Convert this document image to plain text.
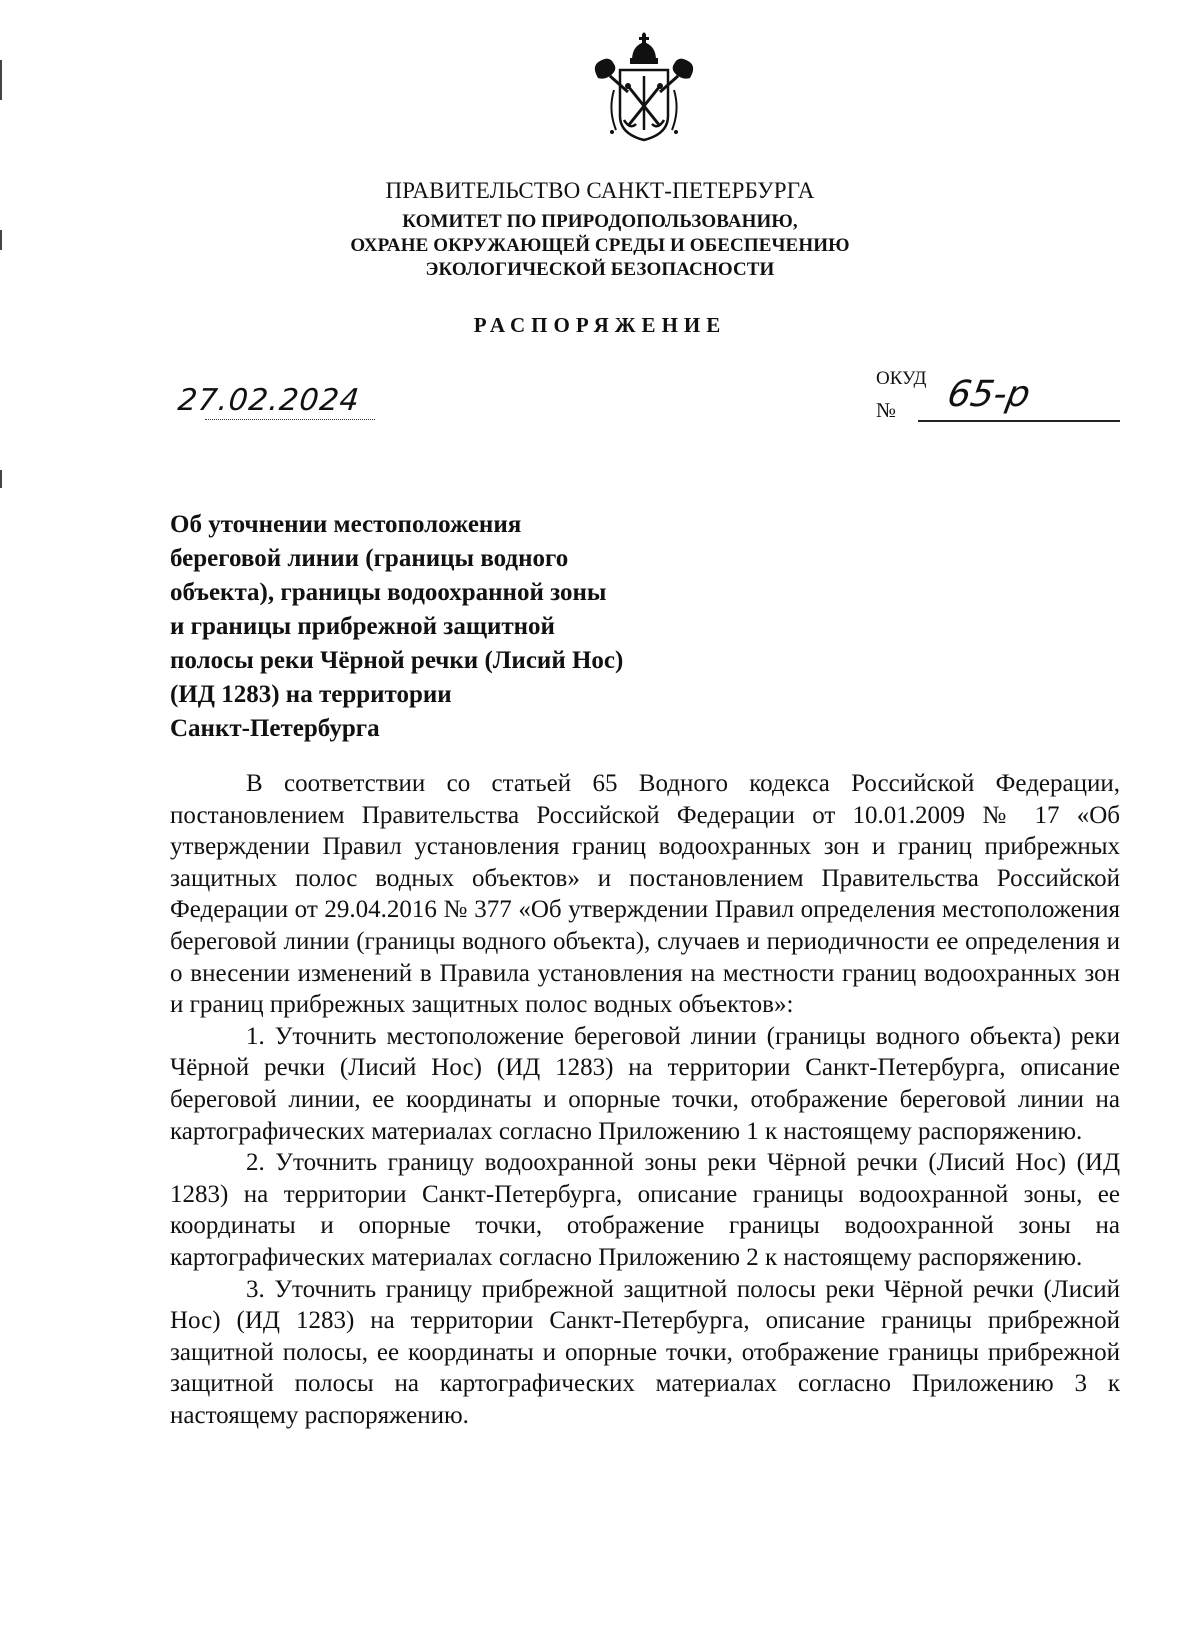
ПРАВИТЕЛЬСТВО САНКТ-ПЕТЕРБУРГА
КОМИТЕТ ПО ПРИРОДОПОЛЬЗОВАНИЮ,
ОХРАНЕ ОКРУЖАЮЩЕЙ СРЕДЫ И ОБЕСПЕЧЕНИЮ
ЭКОЛОГИЧЕСКОЙ БЕЗОПАСНОСТИ
РАСПОРЯЖЕНИЕ
27.02.2024
ОКУД
№ 65-р
Об уточнении местоположения
береговой линии (границы водного
объекта), границы водоохранной зоны
и границы прибрежной защитной
полосы реки Чёрной речки (Лисий Нос)
(ИД 1283) на территории
Санкт-Петербурга

В соответствии со статьей 65 Водного кодекса Российской Федерации, постановлением Правительства Российской Федерации от 10.01.2009 № 17 «Об утверждении Правил установления границ водоохранных зон и границ прибрежных защитных полос водных объектов» и постановлением Правительства Российской Федерации от 29.04.2016 № 377 «Об утверждении Правил определения местоположения береговой линии (границы водного объекта), случаев и периодичности ее определения и о внесении изменений в Правила установления на местности границ водоохранных зон и границ прибрежных защитных полос водных объектов»:

1. Уточнить местоположение береговой линии (границы водного объекта) реки Чёрной речки (Лисий Нос) (ИД 1283) на территории Санкт-Петербурга, описание береговой линии, ее координаты и опорные точки, отображение береговой линии на картографических материалах согласно Приложению 1 к настоящему распоряжению.

2. Уточнить границу водоохранной зоны реки Чёрной речки (Лисий Нос) (ИД 1283) на территории Санкт-Петербурга, описание границы водоохранной зоны, ее координаты и опорные точки, отображение границы водоохранной зоны на картографических материалах согласно Приложению 2 к настоящему распоряжению.

3. Уточнить границу прибрежной защитной полосы реки Чёрной речки (Лисий Нос) (ИД 1283) на территории Санкт-Петербурга, описание границы прибрежной защитной полосы, ее координаты и опорные точки, отображение границы прибрежной защитной полосы на картографических материалах согласно Приложению 3 к настоящему распоряжению.
